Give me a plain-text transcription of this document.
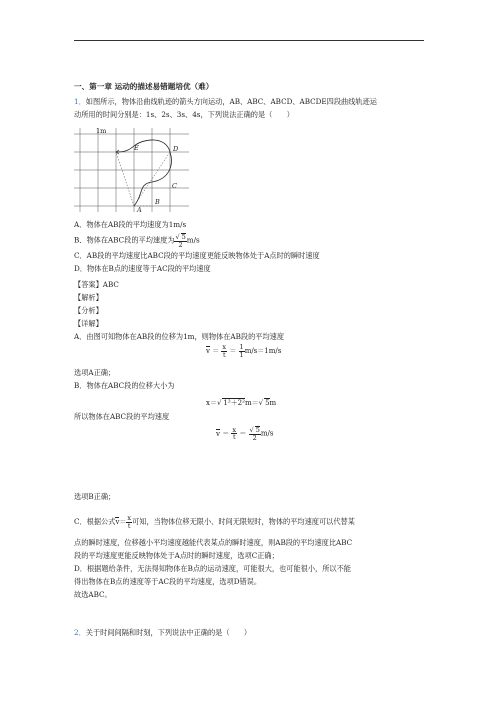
一、第一章 运动的描述易错题培优（难）
1．如图所示，物体沿曲线轨迹的箭头方向运动，AB、ABC、ABCD、ABCDE四段曲线轨迹运
动所用的时间分别是：1s、2s、3s、4s，下列说法正确的是（　　）
1m
E	D
C
A
B
A．物体在AB段的平均速度为1m/s
B．物体在ABC段的平均速度为 $\frac{√ 5}{2} m/s$
C．AB段的平均速度比ABC段的平均速度更能反映物体处于A点时的瞬时速度
D．物体在B点的速度等于AC段的平均速度
【答案】ABC
【解析】
【分析】
【详解】
A．由图可知物体在AB段的位移为1m，则物体在AB段的平均速度
$v = \frac{x}{t} = \frac{1}{1} m/s=1m/s$
选项A正确；
B．物体在ABC段的位移大小为
x＝√ 1²＋2²m＝√ 5m
所以物体在ABC段的平均速度
$v = \frac{x}{t} = \frac{√ 5}{2} m/s$
选项B正确；
C．根据公式$v= \frac{x}{t}$ 可知，当物体位移无限小、时间无限短时，物体的平均速度可以代替某
点的瞬时速度，位移越小平均速度越能代表某点的瞬时速度，则AB段的平均速度比ABC
段的平均速度更能反映物体处于A点时的瞬时速度，选项C正确；
D．根据题给条件，无法得知物体在B点的运动速度，可能很大，也可能很小，所以不能
得出物体在B点的速度等于AC段的平均速度，选项D错误。
故选ABC。
2．关于时间间隔和时刻，下列说法中正确的是（　　）
